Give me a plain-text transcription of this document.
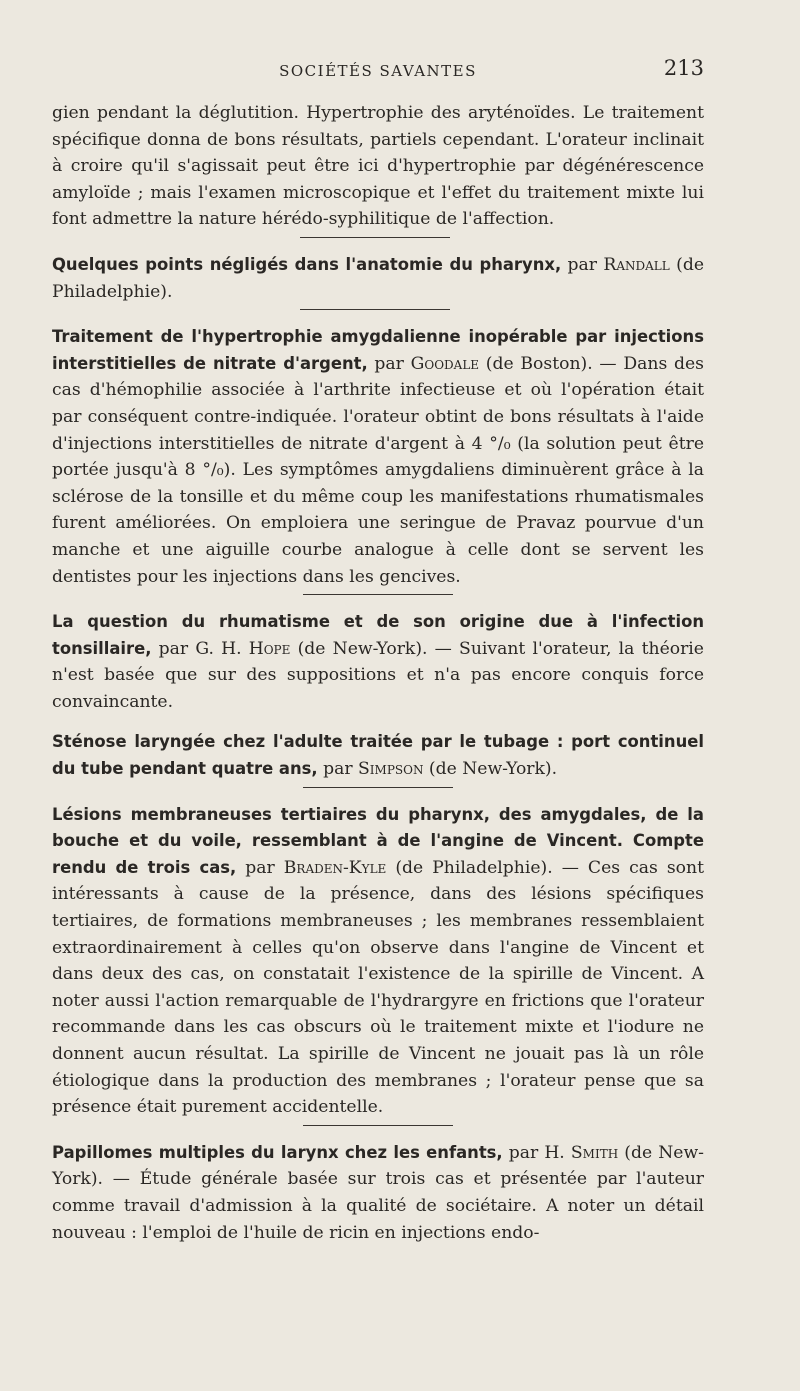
SOCIÉTÉS SAVANTES	213

gien pendant la déglutition. Hypertrophie des aryténoïdes. Le traitement spécifique donna de bons résultats, partiels cependant. L'orateur inclinait à croire qu'il s'agissait peut être ici d'hypertrophie par dégénérescence amyloïde ; mais l'examen microscopique et l'effet du traitement mixte lui font admettre la nature hérédo-syphilitique de l'affection.

Quelques points négligés dans l'anatomie du pharynx, par Randall (de Philadelphie).

Traitement de l'hypertrophie amygdalienne inopérable par injections interstitielles de nitrate d'argent, par Goodale (de Boston). — Dans des cas d'hémophilie associée à l'arthrite infectieuse et où l'opération était par conséquent contre-indiquée. l'orateur obtint de bons résultats à l'aide d'injections interstitielles de nitrate d'argent à 4 °/₀ (la solution peut être portée jusqu'à 8 °/₀). Les symptômes amygdaliens diminuèrent grâce à la sclérose de la tonsille et du même coup les manifestations rhumatismales furent améliorées. On emploiera une seringue de Pravaz pourvue d'un manche et une aiguille courbe analogue à celle dont se servent les dentistes pour les injections dans les gencives.

La question du rhumatisme et de son origine due à l'infection tonsillaire, par G. H. Hope (de New-York). — Suivant l'orateur, la théorie n'est basée que sur des suppositions et n'a pas encore conquis force convaincante.

Sténose laryngée chez l'adulte traitée par le tubage : port continuel du tube pendant quatre ans, par Simpson (de New-York).

Lésions membraneuses tertiaires du pharynx, des amygdales, de la bouche et du voile, ressemblant à de l'angine de Vincent. Compte rendu de trois cas, par Braden-Kyle (de Philadelphie). — Ces cas sont intéressants à cause de la présence, dans des lésions spécifiques tertiaires, de formations membraneuses ; les membranes ressemblaient extraordinairement à celles qu'on observe dans l'angine de Vincent et dans deux des cas, on constatait l'existence de la spirille de Vincent. A noter aussi l'action remarquable de l'hydrargyre en frictions que l'orateur recommande dans les cas obscurs où le traitement mixte et l'iodure ne donnent aucun résultat. La spirille de Vincent ne jouait pas là un rôle étiologique dans la production des membranes ; l'orateur pense que sa présence était purement accidentelle.

Papillomes multiples du larynx chez les enfants, par H. Smith (de New-York). — Étude générale basée sur trois cas et présentée par l'auteur comme travail d'admission à la qualité de sociétaire. A noter un détail nouveau : l'emploi de l'huile de ricin en injections endo-
